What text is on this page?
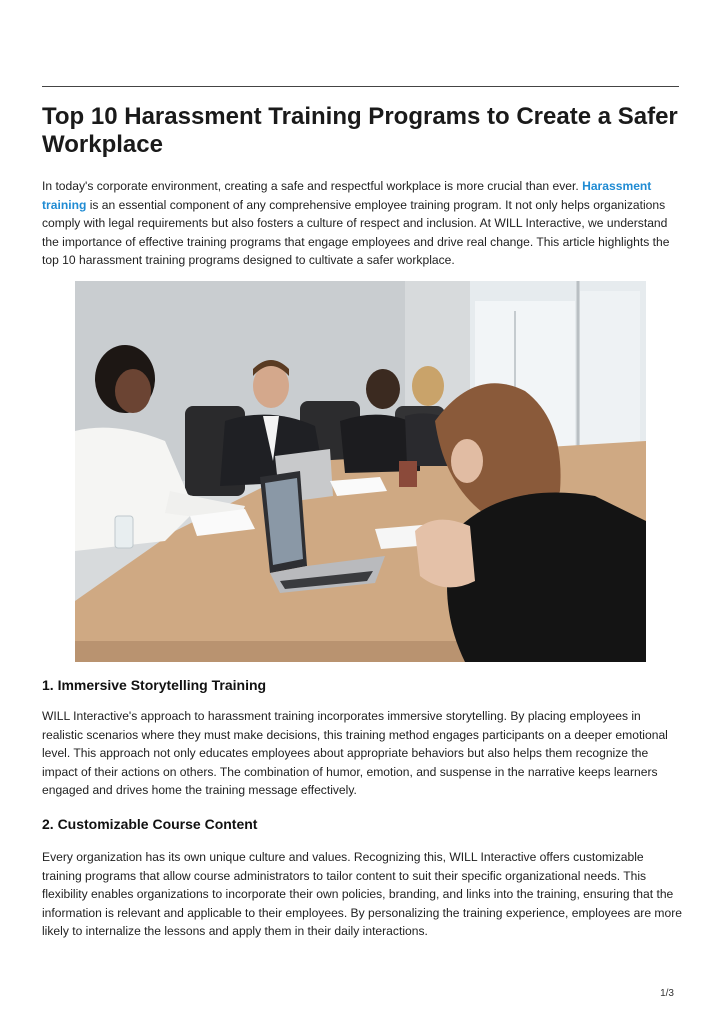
Top 10 Harassment Training Programs to Create a Safer Workplace

In today's corporate environment, creating a safe and respectful workplace is more crucial than ever. Harassment training is an essential component of any comprehensive employee training program. It not only helps organizations comply with legal requirements but also fosters a culture of respect and inclusion. At WILL Interactive, we understand the importance of effective training programs that engage employees and drive real change. This article highlights the top 10 harassment training programs designed to cultivate a safer workplace.

1. Immersive Storytelling Training

WILL Interactive's approach to harassment training incorporates immersive storytelling. By placing employees in realistic scenarios where they must make decisions, this training method engages participants on a deeper emotional level. This approach not only educates employees about appropriate behaviors but also helps them recognize the impact of their actions on others. The combination of humor, emotion, and suspense in the narrative keeps learners engaged and drives home the training message effectively.

2. Customizable Course Content

Every organization has its own unique culture and values. Recognizing this, WILL Interactive offers customizable training programs that allow course administrators to tailor content to suit their specific organizational needs. This flexibility enables organizations to incorporate their own policies, branding, and links into the training, ensuring that the information is relevant and applicable to their employees. By personalizing the training experience, employees are more likely to internalize the lessons and apply them in their daily interactions.

1/3
